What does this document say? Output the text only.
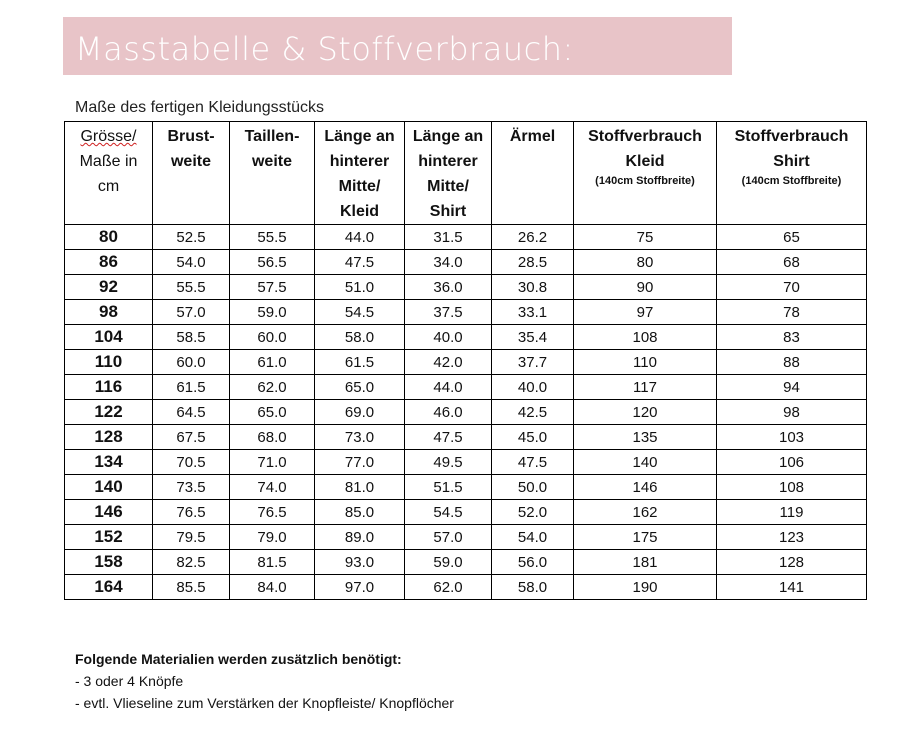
Masstabelle & Stoffverbrauch:
Maße des fertigen Kleidungsstücks
Grösse/
Maße in
cm	Brust-
weite	Taillen-
weite	Länge an
hinterer
Mitte/
Kleid	Länge an
hinterer
Mitte/
Shirt	Ärmel	Stoffverbrauch
Kleid

(140cm Stoffbreite)	Stoffverbrauch
Shirt

(140cm Stoffbreite)

80	52.5	55.5	44.0	31.5	26.2	75	65
86	54.0	56.5	47.5	34.0	28.5	80	68
92	55.5	57.5	51.0	36.0	30.8	90	70
98	57.0	59.0	54.5	37.5	33.1	97	78
104	58.5	60.0	58.0	40.0	35.4	108	83
110	60.0	61.0	61.5	42.0	37.7	110	88
116	61.5	62.0	65.0	44.0	40.0	117	94
122	64.5	65.0	69.0	46.0	42.5	120	98
128	67.5	68.0	73.0	47.5	45.0	135	103
134	70.5	71.0	77.0	49.5	47.5	140	106
140	73.5	74.0	81.0	51.5	50.0	146	108
146	76.5	76.5	85.0	54.5	52.0	162	119
152	79.5	79.0	89.0	57.0	54.0	175	123
158	82.5	81.5	93.0	59.0	56.0	181	128
164	85.5	84.0	97.0	62.0	58.0	190	141
Folgende Materialien werden zusätzlich benötigt:
- 3 oder 4 Knöpfe
- evtl. Vlieseline zum Verstärken der Knopfleiste/ Knopflöcher
